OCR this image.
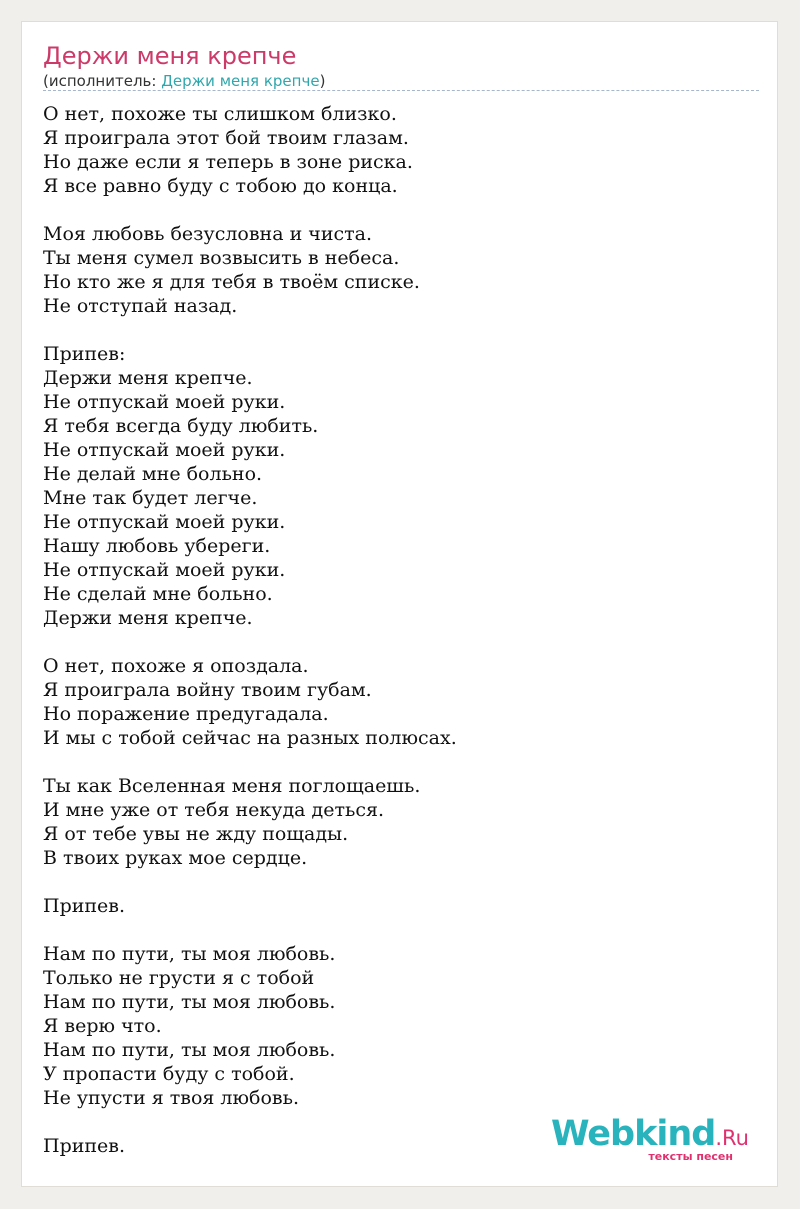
Держи меня крепче
(исполнитель: Держи меня крепче)
О нет, похоже ты слишком близко.
Я проиграла этот бой твоим глазам.
Но даже если я теперь в зоне риска.
Я все равно буду с тобою до конца.

Моя любовь безусловна и чиста.
Ты меня сумел возвысить в небеса.
Но кто же я для тебя в твоём списке.
Не отступай назад.

Припев:
Держи меня крепче.
Не отпускай моей руки.
Я тебя всегда буду любить.
Не отпускай моей руки.
Не делай мне больно.
Мне так будет легче.
Не отпускай моей руки.
Нашу любовь убереги.
Не отпускай моей руки.
Не сделай мне больно.
Держи меня крепче.

О нет, похоже я опоздала.
Я проиграла войну твоим губам.
Но поражение предугадала.
И мы с тобой сейчас на разных полюсах.

Ты как Вселенная меня поглощаешь.
И мне уже от тебя некуда деться.
Я от тебе увы не жду пощады.
В твоих руках мое сердце.

Припев.

Нам по пути, ты моя любовь.
Только не грусти я с тобой
Нам по пути, ты моя любовь.
Я верю что.
Нам по пути, ты моя любовь.
У пропасти буду с тобой.
Не упусти я твоя любовь.

Припев.	Webkind.Ru
тексты песен
